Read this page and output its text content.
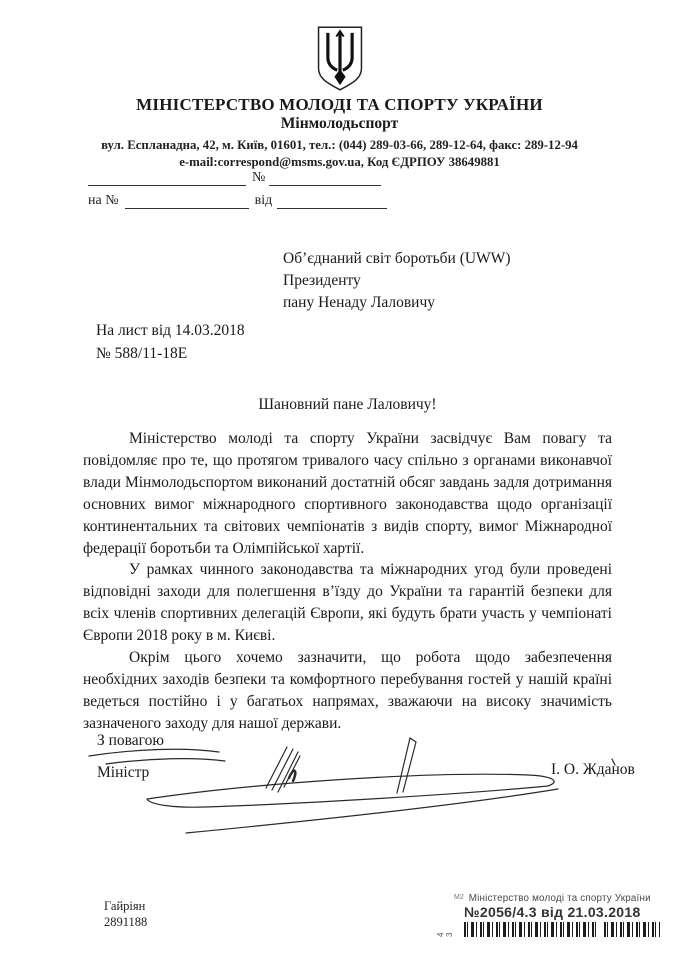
МІНІСТЕРСТВО МОЛОДІ ТА СПОРТУ УКРАЇНИ
Мінмолодьспорт
вул. Еспланадна, 42, м. Київ, 01601, тел.: (044) 289-03-66, 289-12-64, факс: 289-12-94
e-mail:correspond@msms.gov.ua, Код ЄДРПОУ 38649881
№
на №	від
Об’єднаний світ боротьби (UWW)
Президенту
пану Ненаду Лаловичу
На лист від 14.03.2018
№ 588/11-18Е
Шановний пане Лаловичу!

Міністерство молоді та спорту України засвідчує Вам повагу та повідомляє про те, що протягом тривалого часу спільно з органами виконавчої влади Мінмолодьспортом виконаний достатній обсяг завдань задля дотримання основних вимог міжнародного спортивного законодавства щодо організації континентальних та світових чемпіонатів з видів спорту, вимог Міжнародної федерації боротьби та Олімпійської хартії.

У рамках чинного законодавства та міжнародних угод були проведені відповідні заходи для полегшення в’їзду до України та гарантій безпеки для всіх членів спортивних делегацій Європи, які будуть брати участь у чемпіонаті Європи 2018 року в м. Києві.

Окрім цього хочемо зазначити, що робота щодо забезпечення необхідних заходів безпеки та комфортного перебування гостей у нашій країні ведеться постійно і у багатьох напрямах, зважаючи на високу значимість зазначеного заходу для нашої держави.

З повагою
Міністр	І. О. Жданов
Гайріян
2891188
4 3
М2 Міністерство молоді та спорту України
№2056/4.3 від 21.03.2018
